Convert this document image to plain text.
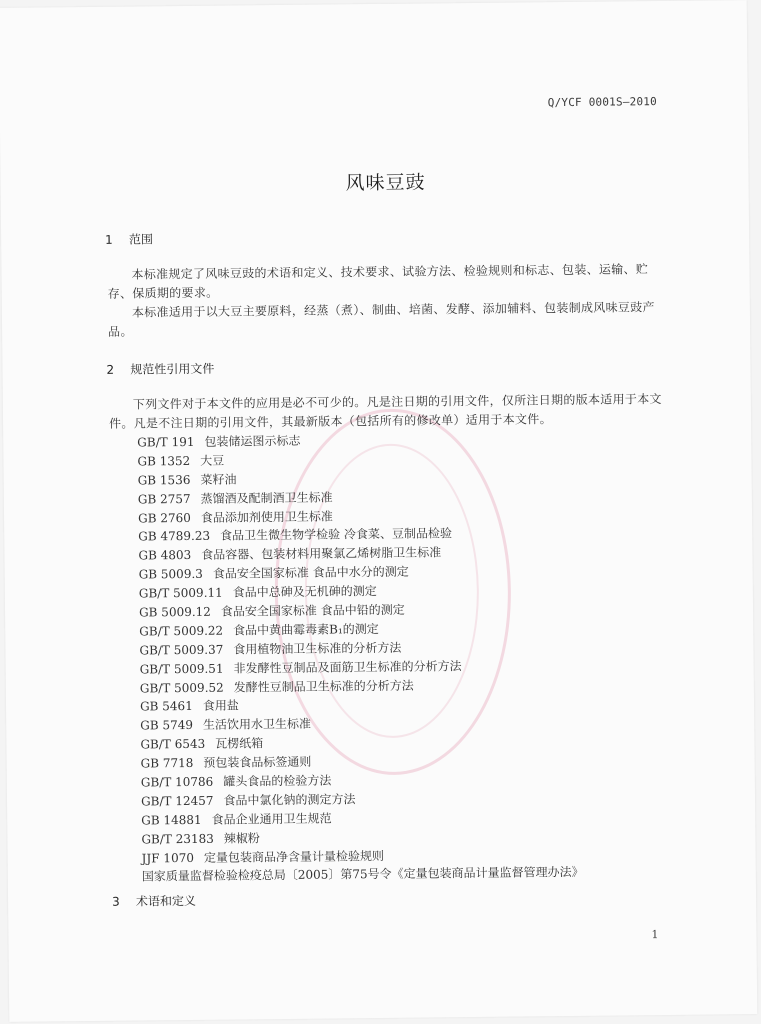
Q/YCF 0001S—2010
风味豆豉
1 范围
本标准规定了风味豆豉的术语和定义、技术要求、试验方法、检验规则和标志、包装、运输、贮存、保质期的要求。
本标准适用于以大豆主要原料，经蒸（煮）、制曲、培菌、发酵、添加辅料、包装制成风味豆豉产品。
2 规范性引用文件
下列文件对于本文件的应用是必不可少的。凡是注日期的引用文件，仅所注日期的版本适用于本文件。凡是不注日期的引用文件，其最新版本（包括所有的修改单）适用于本文件。
GB/T 191 包装储运图示标志
GB 1352 大豆
GB 1536 菜籽油
GB 2757 蒸馏酒及配制酒卫生标准
GB 2760 食品添加剂使用卫生标准
GB 4789.23 食品卫生微生物学检验 冷食菜、豆制品检验
GB 4803 食品容器、包装材料用聚氯乙烯树脂卫生标准
GB 5009.3 食品安全国家标准 食品中水分的测定
GB/T 5009.11 食品中总砷及无机砷的测定
GB 5009.12 食品安全国家标准 食品中铅的测定
GB/T 5009.22 食品中黄曲霉毒素B₁的测定
GB/T 5009.37 食用植物油卫生标准的分析方法
GB/T 5009.51 非发酵性豆制品及面筋卫生标准的分析方法
GB/T 5009.52 发酵性豆制品卫生标准的分析方法
GB 5461 食用盐
GB 5749 生活饮用水卫生标准
GB/T 6543 瓦楞纸箱
GB 7718 预包装食品标签通则
GB/T 10786 罐头食品的检验方法
GB/T 12457 食品中氯化钠的测定方法
GB 14881 食品企业通用卫生规范
GB/T 23183 辣椒粉
JJF 1070 定量包装商品净含量计量检验规则
国家质量监督检验检疫总局〔2005〕第75号令《定量包装商品计量监督管理办法》
3 术语和定义
1
